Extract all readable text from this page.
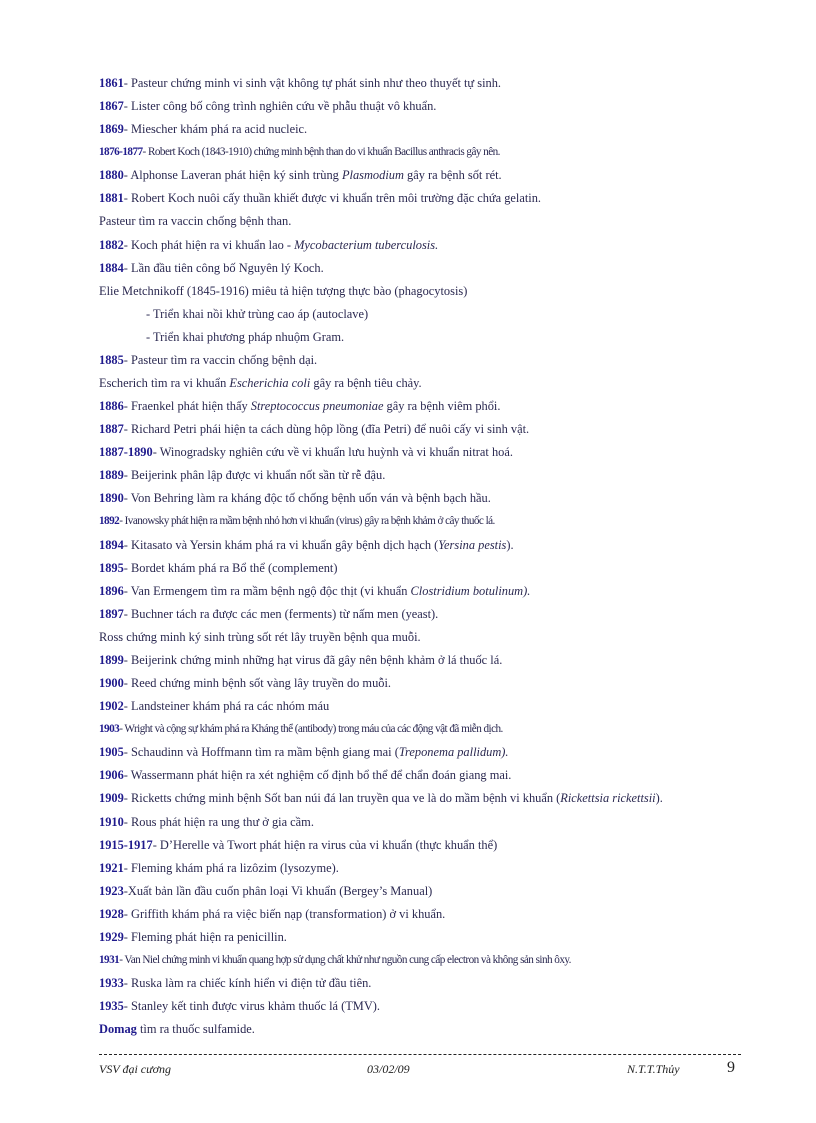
1861- Pasteur chứng minh vi sinh vật không tự phát sinh như theo thuyết tự sinh.
1867- Lister công bố công trình nghiên cứu về phẫu thuật vô khuẩn.
1869- Miescher khám phá ra acid nucleic.
1876-1877- Robert Koch (1843-1910) chứng minh bệnh than do vi khuẩn Bacillus anthracis gây nên.
1880- Alphonse Laveran phát hiện ký sinh trùng Plasmodium gây ra bệnh sốt rét.
1881- Robert Koch nuôi cấy thuần khiết được vi khuẩn trên môi trường đặc chứa gelatin.
Pasteur tìm ra vaccin chống bệnh than.
1882- Koch phát hiện ra vi khuẩn lao - Mycobacterium tuberculosis.
1884- Lần đầu tiên công bố Nguyên lý Koch.
Elie Metchnikoff (1845-1916) miêu tả hiện tượng thực bào (phagocytosis)
- Triển khai nồi khử trùng cao áp (autoclave)
- Triển khai phương pháp nhuộm Gram.
1885- Pasteur tìm ra vaccin chống bệnh dại.
Escherich tìm ra vi khuẩn Escherichia coli gây ra bệnh tiêu chảy.
1886- Fraenkel phát hiện thấy Streptococcus pneumoniae gây ra bệnh viêm phổi.
1887- Richard Petri phái hiện ta cách dùng hộp lồng (đĩa Petri) để nuôi cấy vi sinh vật.
1887-1890- Winogradsky nghiên cứu về vi khuẩn lưu huỳnh và vi khuẩn nitrat hoá.
1889- Beijerink phân lập được vi khuẩn nốt sần từ rễ đậu.
1890- Von Behring làm ra kháng độc tố chống bệnh uốn ván và bệnh bạch hầu.
1892- Ivanowsky phát hiện ra mầm bệnh nhỏ hơn vi khuẩn (virus) gây ra bệnh khảm ở cây thuốc lá.
1894- Kitasato và Yersin khám phá ra vi khuẩn gây bệnh dịch hạch (Yersina pestis).
1895- Bordet khám phá ra Bổ thể (complement)
1896- Van Ermengem tìm ra mầm bệnh ngộ độc thịt (vi khuẩn Clostridium botulinum).
1897- Buchner tách ra được các men (ferments) từ nấm men (yeast).
Ross chứng minh ký sinh trùng sốt rét lây truyền bệnh qua muỗi.
1899- Beijerink chứng minh những hạt virus đã gây nên bệnh khảm ở lá thuốc lá.
1900- Reed chứng minh bệnh sốt vàng lây truyền do muỗi.
1902- Landsteiner khám phá ra các nhóm máu
1903- Wright và cộng sự khám phá ra Kháng thể (antibody) trong máu của các động vật đã miễn dịch.
1905- Schaudinn và Hoffmann tìm ra mầm bệnh giang mai (Treponema pallidum).
1906- Wassermann phát hiện ra xét nghiệm cố định bổ thể để chẩn đoán giang mai.
1909- Ricketts chứng minh bệnh Sốt ban núi đá lan truyền qua ve là do mầm bệnh vi khuẩn (Rickettsia rickettsii).
1910- Rous phát hiện ra ung thư ở gia cầm.
1915-1917- D’Herelle và Twort phát hiện ra virus của vi khuẩn (thực khuẩn thể)
1921- Fleming khám phá ra lizôzim (lysozyme).
1923-Xuất bản lần đầu cuốn phân loại Vi khuẩn (Bergey’s Manual)
1928- Griffith khám phá ra việc biến nạp (transformation) ở vi khuẩn.
1929- Fleming phát hiện ra penicillin.
1931- Van Niel chứng minh vi khuẩn quang hợp sử dụng chất khử như nguồn cung cấp electron và không sản sinh ôxy.
1933- Ruska làm ra chiếc kính hiển vi điện tử đầu tiên.
1935- Stanley kết tinh được virus khảm thuốc lá (TMV).
Domag tìm ra thuốc sulfamide.
VSV đại cương	03/02/09	N.T.T.Thủy	9
